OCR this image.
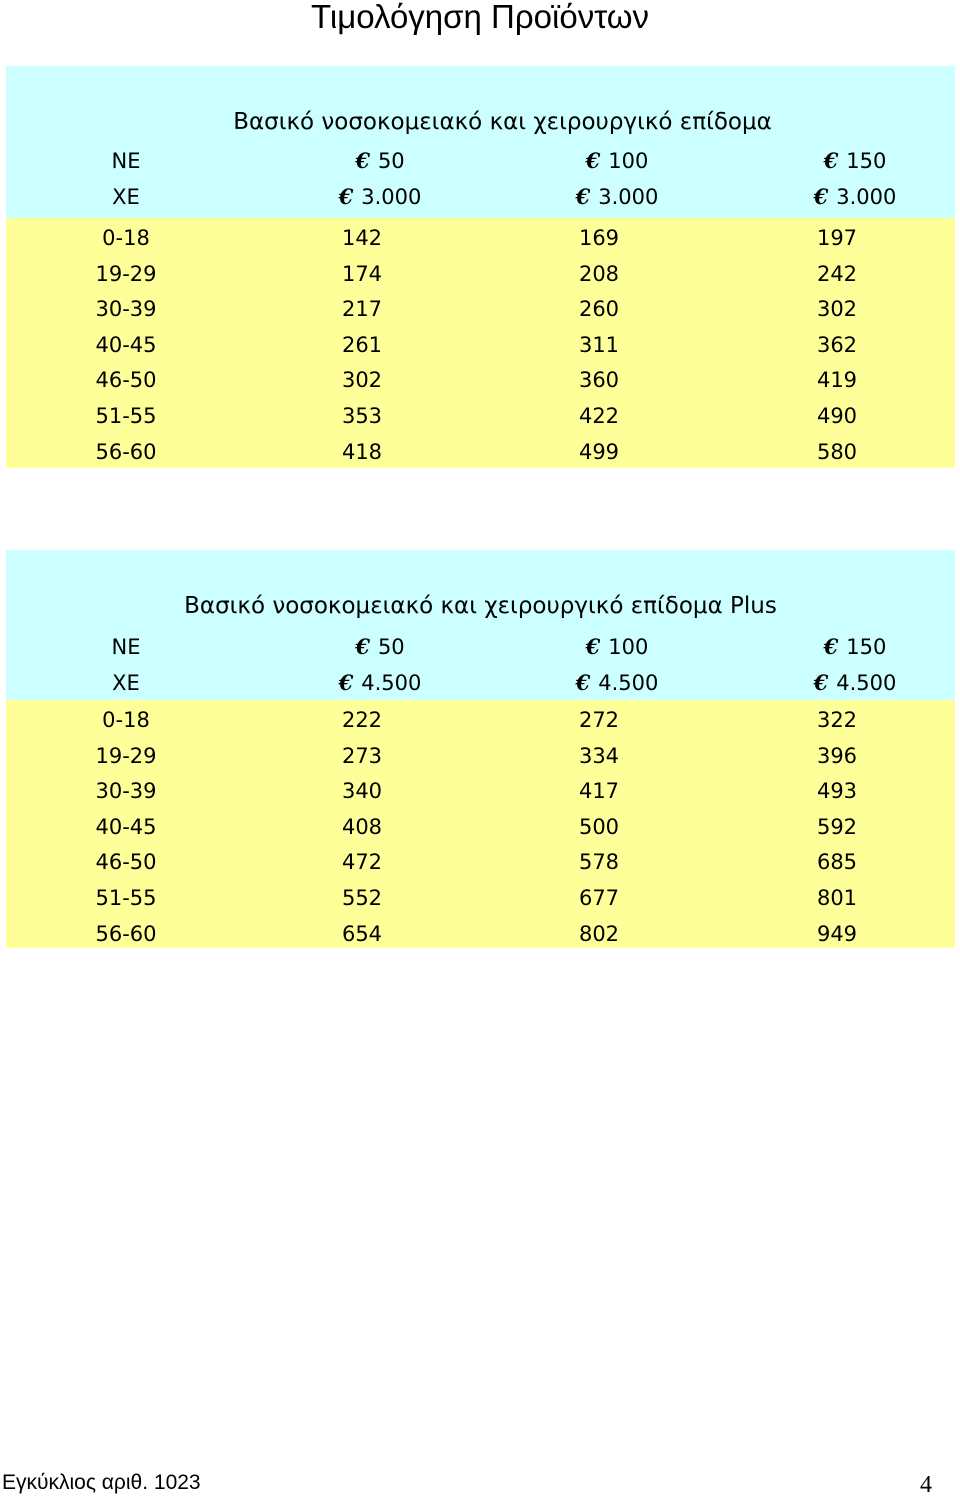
Τιμολόγηση Προϊόντων
Βασικό νοσοκομειακό και χειρουργικό επίδομα
ΝΕ	€ 50	€ 100	€ 150
ΧΕ	€ 3.000	€ 3.000	€ 3.000
0-18	142	169	197
19-29	174	208	242
30-39	217	260	302
40-45	261	311	362
46-50	302	360	419
51-55	353	422	490
56-60	418	499	580
Βασικό νοσοκομειακό και χειρουργικό επίδομα Plus
ΝΕ	€ 50	€ 100	€ 150
ΧΕ	€ 4.500	€ 4.500	€ 4.500
0-18	222	272	322
19-29	273	334	396
30-39	340	417	493
40-45	408	500	592
46-50	472	578	685
51-55	552	677	801
56-60	654	802	949
Εγκύκλιος αριθ. 1023	4
